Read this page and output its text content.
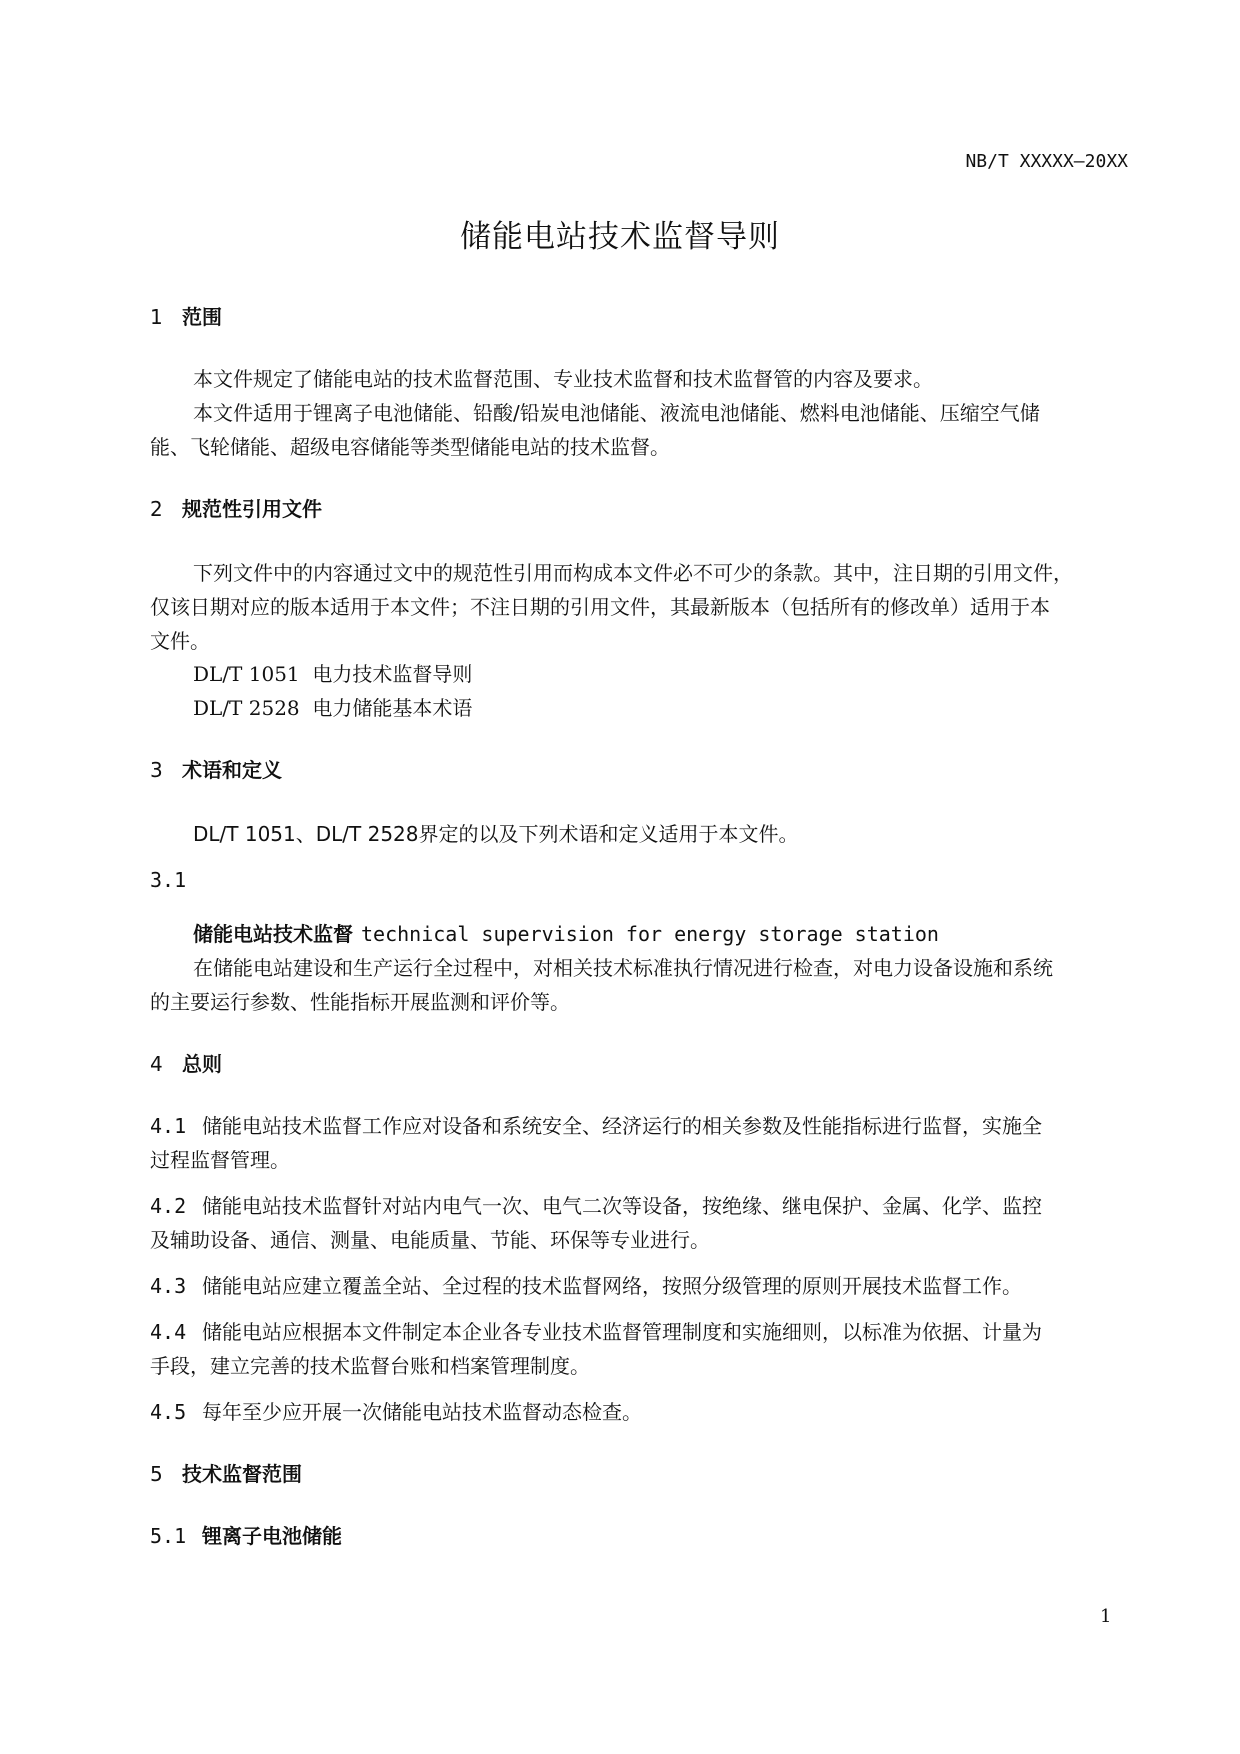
NB/T XXXXX—20XX
储能电站技术监督导则
1 范围
本文件规定了储能电站的技术监督范围、专业技术监督和技术监督管的内容及要求。
本文件适用于锂离子电池储能、铅酸/铅炭电池储能、液流电池储能、燃料电池储能、压缩空气储
能、飞轮储能、超级电容储能等类型储能电站的技术监督。
2 规范性引用文件
下列文件中的内容通过文中的规范性引用而构成本文件必不可少的条款。其中，注日期的引用文件，
仅该日期对应的版本适用于本文件；不注日期的引用文件，其最新版本（包括所有的修改单）适用于本
文件。
DL/T 1051 电力技术监督导则
DL/T 2528 电力储能基本术语
3 术语和定义
DL/T 1051、DL/T 2528界定的以及下列术语和定义适用于本文件。
3.1
储能电站技术监督 technical supervision for energy storage station
在储能电站建设和生产运行全过程中，对相关技术标准执行情况进行检查，对电力设备设施和系统
的主要运行参数、性能指标开展监测和评价等。
4 总则
4.1 储能电站技术监督工作应对设备和系统安全、经济运行的相关参数及性能指标进行监督，实施全
过程监督管理。
4.2 储能电站技术监督针对站内电气一次、电气二次等设备，按绝缘、继电保护、金属、化学、监控
及辅助设备、通信、测量、电能质量、节能、环保等专业进行。
4.3 储能电站应建立覆盖全站、全过程的技术监督网络，按照分级管理的原则开展技术监督工作。
4.4 储能电站应根据本文件制定本企业各专业技术监督管理制度和实施细则，以标准为依据、计量为
手段，建立完善的技术监督台账和档案管理制度。
4.5 每年至少应开展一次储能电站技术监督动态检查。
5 技术监督范围
5.1 锂离子电池储能
1
